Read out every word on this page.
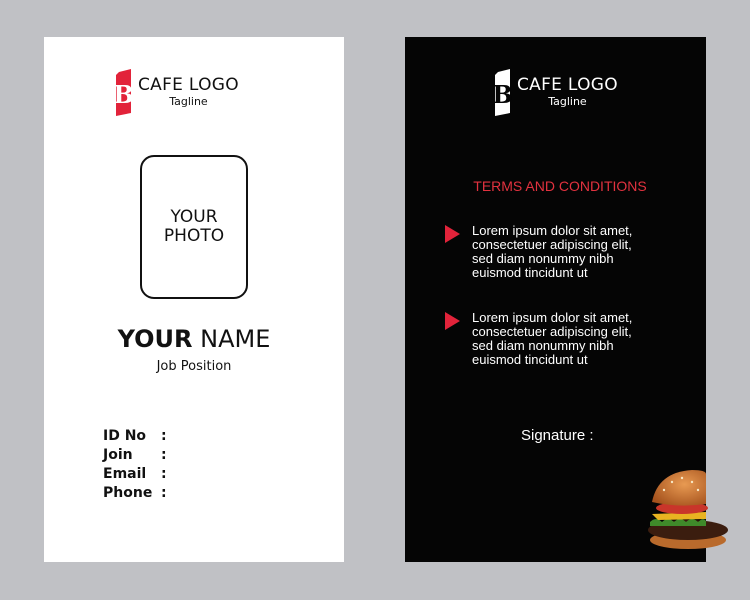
B CAFE LOGO
Tagline
YOUR
PHOTO
YOUR NAME
Job Position
ID No	:
Join	:
Email	:
Phone :
B CAFE LOGO
Tagline
TERMS AND CONDITIONS
Lorem ipsum dolor sit amet,
consectetuer adipiscing elit,
sed diam nonummy nibh
euismod tincidunt ut
Lorem ipsum dolor sit amet,
consectetuer adipiscing elit,
sed diam nonummy nibh
euismod tincidunt ut
Signature :
